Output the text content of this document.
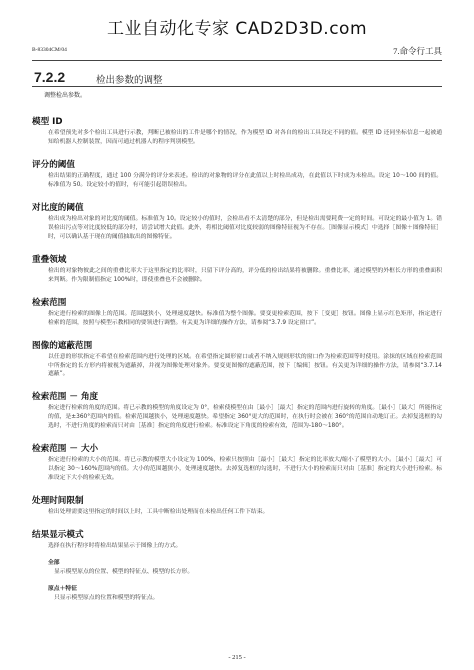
工业自动化专家 CAD2D3D.com
B-83304CM/04	7.命令行工具
7.2.2	检出参数的调整

调整检出参数。

模型 ID

在希望预先对多个检出工具进行示教，判断已被检出的工件是哪个的情况，作为模型 ID 对各自的检出工具设定不同的值。模型 ID 还同坐标信息一起被通知给机器人控制装置，因而可通过机器人的程序判别模型。

评分的阈值

检出结果的正确程度，通过 100 分满分的评分来表述。检出的对象物的评分在此值以上时检出成功，在此值以下时成为未检出。设定 10～100 间的值。标准值为 50。设定较小的值时，有可能引起错误检出。

对比度的阈值

检出成为检出对象的对比度的阈值。标准值为 10。设定较小的值时，会检出看不太清楚的部分，但是检出需要耗费一定的时间。可设定的最小值为 1。错误检出污点等对比度较低的部分时，请尝试增大此值。此外，将相比阈值对比度较弱的图像特征视为不存在。［图像显示模式］中选择［图像＋图像特征］时，可以确认基于现在的阈值抽取出的图像特征。

重叠领域

检出的对象物彼此之间的重叠比率大于这里指定的比率时，只留下评分高的，评分低的检出结果将被删除。重叠比率，通过模型的外框长方形的重叠面积来判断。作为限制值指定 100%时，即使重叠也不会被删除。

检索范围

指定进行检索的图像上的范围。范围越狭小，处理速度越快。标准值为整个图像。要变更检索范围，按下［变更］按钮。图像上显示红色矩形，指定进行检索的范围，按照与模型示教相同的要领进行调整。有关更为详细的操作方法，请参阅“3.7.9 设定窗口”。

图像的遮蔽范围

以任意的形状指定不希望在检索范围内进行处理的区域。在希望指定圆形窗口或者不纳入规则形状的窗口作为检索范围等时使用。涂抹的区域在检索范围中所指定的长方形内将被视为遮蔽掉，并视为图像处理对象外。要变更图像的遮蔽范围，按下［编辑］按钮。有关更为详细的操作方法，请参阅“3.7.14 遮蔽”。

检索范围 － 角度

指定进行检索的角度的范围。将已示教的模型的角度设定为 0°，检索使模型在由［最小］［最大］指定的范围内进行旋转的角度。［最小］［最大］所能指定的值，是±360°范围内的值。检索范围越狭小，处理速度越快。希望指定 360°更大的范围时，在执行时会被在 360°的范围自动地订正。去掉复选框的勾选时，不进行角度的检索而只对由［基准］指定的角度进行检索。标准设定下角度的检索有效，范围为-180～180°。

检索范围 － 大小

指定进行检索的大小的范围。将已示教的模型大小设定为 100%，检索只按照由［最小］［最大］指定的比率放大/缩小了模型的大小。［最小］［最大］可以指定 30～160%范围内的值。大小的范围越狭小，处理速度越快。去掉复选框的勾选时，不进行大小的检索而只对由［基准］指定的大小进行检索。标准设定下大小的检索无效。

处理时间限制

检出处理需要这里指定的时间以上时，工具中断检出处理而在未检出任何工件下结束。

结果显示模式

选择在执行程序时将检出结果显示于图像上的方式。

全部

显示模型原点的位置、模型的特征点、模型的长方形。

原点＋特征

只显示模型原点的位置和模型的特征点。

- 215 -
